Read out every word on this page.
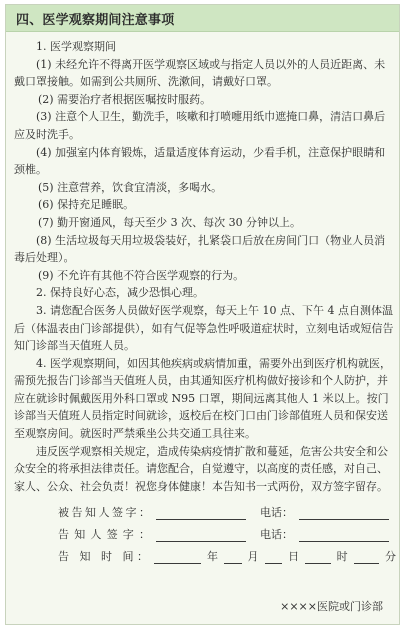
四、医学观察期间注意事项

1. 医学观察期间

(1) 未经允许不得离开医学观察区域或与指定人员以外的人员近距离、未戴口罩接触。如需到公共厕所、洗漱间，请戴好口罩。

(2) 需要治疗者根据医嘱按时服药。

(3) 注意个人卫生，勤洗手，咳嗽和打喷嚏用纸巾遮掩口鼻，清洁口鼻后应及时洗手。

(4) 加强室内体育锻炼，适量适度体育运动，少看手机，注意保护眼睛和颈椎。

(5) 注意营养，饮食宜清淡，多喝水。

(6) 保持充足睡眠。

(7) 勤开窗通风，每天至少 3 次、每次 30 分钟以上。

(8) 生活垃圾每天用垃圾袋装好，扎紧袋口后放在房间门口（物业人员消毒后处理）。

(9) 不允许有其他不符合医学观察的行为。

2. 保持良好心态，减少恐惧心理。

3. 请您配合医务人员做好医学观察，每天上午 10 点、下午 4 点自测体温后（体温表由门诊部提供），如有气促等急性呼吸道症状时，立刻电话或短信告知门诊部当天值班人员。

4. 医学观察期间，如因其他疾病或病情加重，需要外出到医疗机构就医，需预先报告门诊部当天值班人员，由其通知医疗机构做好接诊和个人防护，并应在就诊时佩戴医用外科口罩或 N95 口罩，期间远离其他人 1 米以上。按门诊部当天值班人员指定时间就诊，返校后在校门口由门诊部值班人员和保安送至观察房间。就医时严禁乘坐公共交通工具往来。

违反医学观察相关规定，造成传染病疫情扩散和蔓延，危害公共安全和公众安全的将承担法律责任。请您配合，自觉遵守，以高度的责任感，对自己、家人、公众、社会负责！祝您身体健康！本告知书一式两份，双方签字留存。

被告知人签字：	电话：
告知人签字：	电话：
告 知 时 间：	年	月	日	时	分
××××医院或门诊部
